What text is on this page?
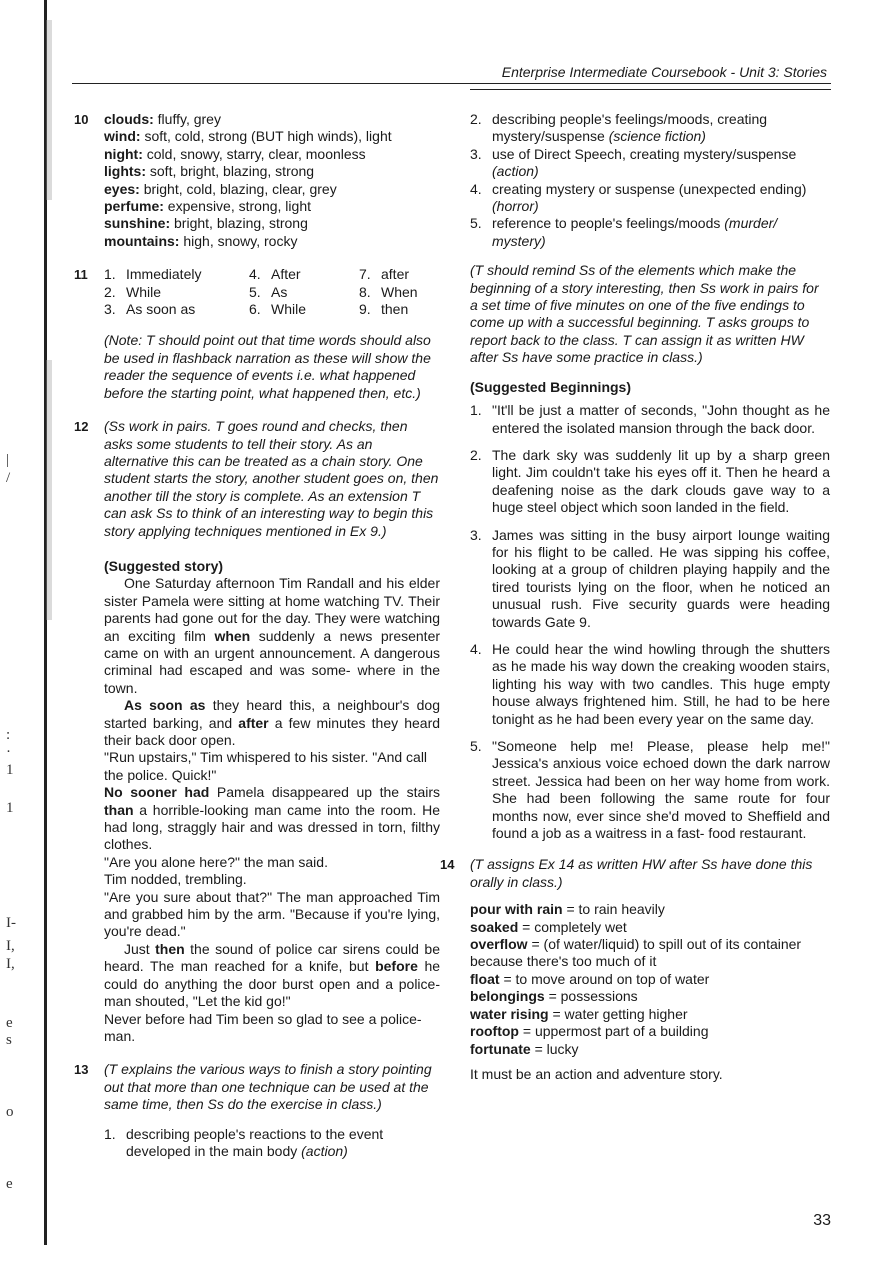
|
/
:
·
1
1
I-
I,
I,
e
s
o
e
Enterprise Intermediate Coursebook - Unit 3: Stories
10 clouds: fluffy, grey
wind: soft, cold, strong (BUT high winds), light
night: cold, snowy, starry, clear, moonless
lights: soft, bright, blazing, strong
eyes: bright, cold, blazing, clear, grey
perfume: expensive, strong, light
sunshine: bright, blazing, strong
mountains: high, snowy, rocky
11 1. Immediately	4. After	7. after
2. While	5. As	8. When
3. As soon as	6. While	9. then

(Note: T should point out that time words should also be used in flashback narration as these will show the reader the sequence of events i.e. what happened before the starting point, what happened then, etc.)

12 (Ss work in pairs. T goes round and checks, then asks some students to tell their story. As an alternative this can be treated as a chain story. One student starts the story, another student goes on, then another till the story is complete. As an extension T can ask Ss to think of an interesting way to begin this story applying techniques mentioned in Ex 9.)

(Suggested story)

One Saturday afternoon Tim Randall and his elder sister Pamela were sitting at home watching TV. Their parents had gone out for the day. They were watching an exciting film when suddenly a news presenter came on with an urgent announcement. A dangerous criminal had escaped and was some- where in the town.

As soon as they heard this, a neighbour's dog started barking, and after a few minutes they heard their back door open.

"Run upstairs," Tim whispered to his sister. "And call the police. Quick!"

No sooner had Pamela disappeared up the stairs than a horrible-looking man came into the room. He had long, straggly hair and was dressed in torn, filthy clothes.

"Are you alone here?" the man said.

Tim nodded, trembling.

"Are you sure about that?" The man approached Tim and grabbed him by the arm. "Because if you're lying, you're dead."

Just then the sound of police car sirens could be heard. The man reached for a knife, but before he could do anything the door burst open and a police- man shouted, "Let the kid go!"

Never before had Tim been so glad to see a police- man.

13 (T explains the various ways to finish a story pointing out that more than one technique can be used at the same time, then Ss do the exercise in class.)

1. describing people's reactions to the event developed in the main body (action)
2. describing people's feelings/moods, creating mystery/suspense (science fiction)
3. use of Direct Speech, creating mystery/suspense (action)
4. creating mystery or suspense (unexpected ending) (horror)
5. reference to people's feelings/moods (murder/ mystery)

(T should remind Ss of the elements which make the beginning of a story interesting, then Ss work in pairs for a set time of five minutes on one of the five endings to come up with a successful beginning. T asks groups to report back to the class. T can assign it as written HW after Ss have some practice in class.)

(Suggested Beginnings)

1. "It'll be just a matter of seconds, "John thought as he entered the isolated mansion through the back door.
2. The dark sky was suddenly lit up by a sharp green light. Jim couldn't take his eyes off it. Then he heard a deafening noise as the dark clouds gave way to a huge steel object which soon landed in the field.
3. James was sitting in the busy airport lounge waiting for his flight to be called. He was sipping his coffee, looking at a group of children playing happily and the tired tourists lying on the floor, when he noticed an unusual rush. Five security guards were heading towards Gate 9.
4. He could hear the wind howling through the shutters as he made his way down the creaking wooden stairs, lighting his way with two candles. This huge empty house always frightened him. Still, he had to be here tonight as he had been every year on the same day.
5. "Someone help me! Please, please help me!" Jessica's anxious voice echoed down the dark narrow street. Jessica had been on her way home from work. She had been following the same route for four months now, ever since she'd moved to Sheffield and found a job as a waitress in a fast- food restaurant.
14 (T assigns Ex 14 as written HW after Ss have done this orally in class.)

pour with rain = to rain heavily
soaked = completely wet
overflow = (of water/liquid) to spill out of its container because there's too much of it
float = to move around on top of water
belongings = possessions
water rising = water getting higher
rooftop = uppermost part of a building
fortunate = lucky

It must be an action and adventure story.

33
